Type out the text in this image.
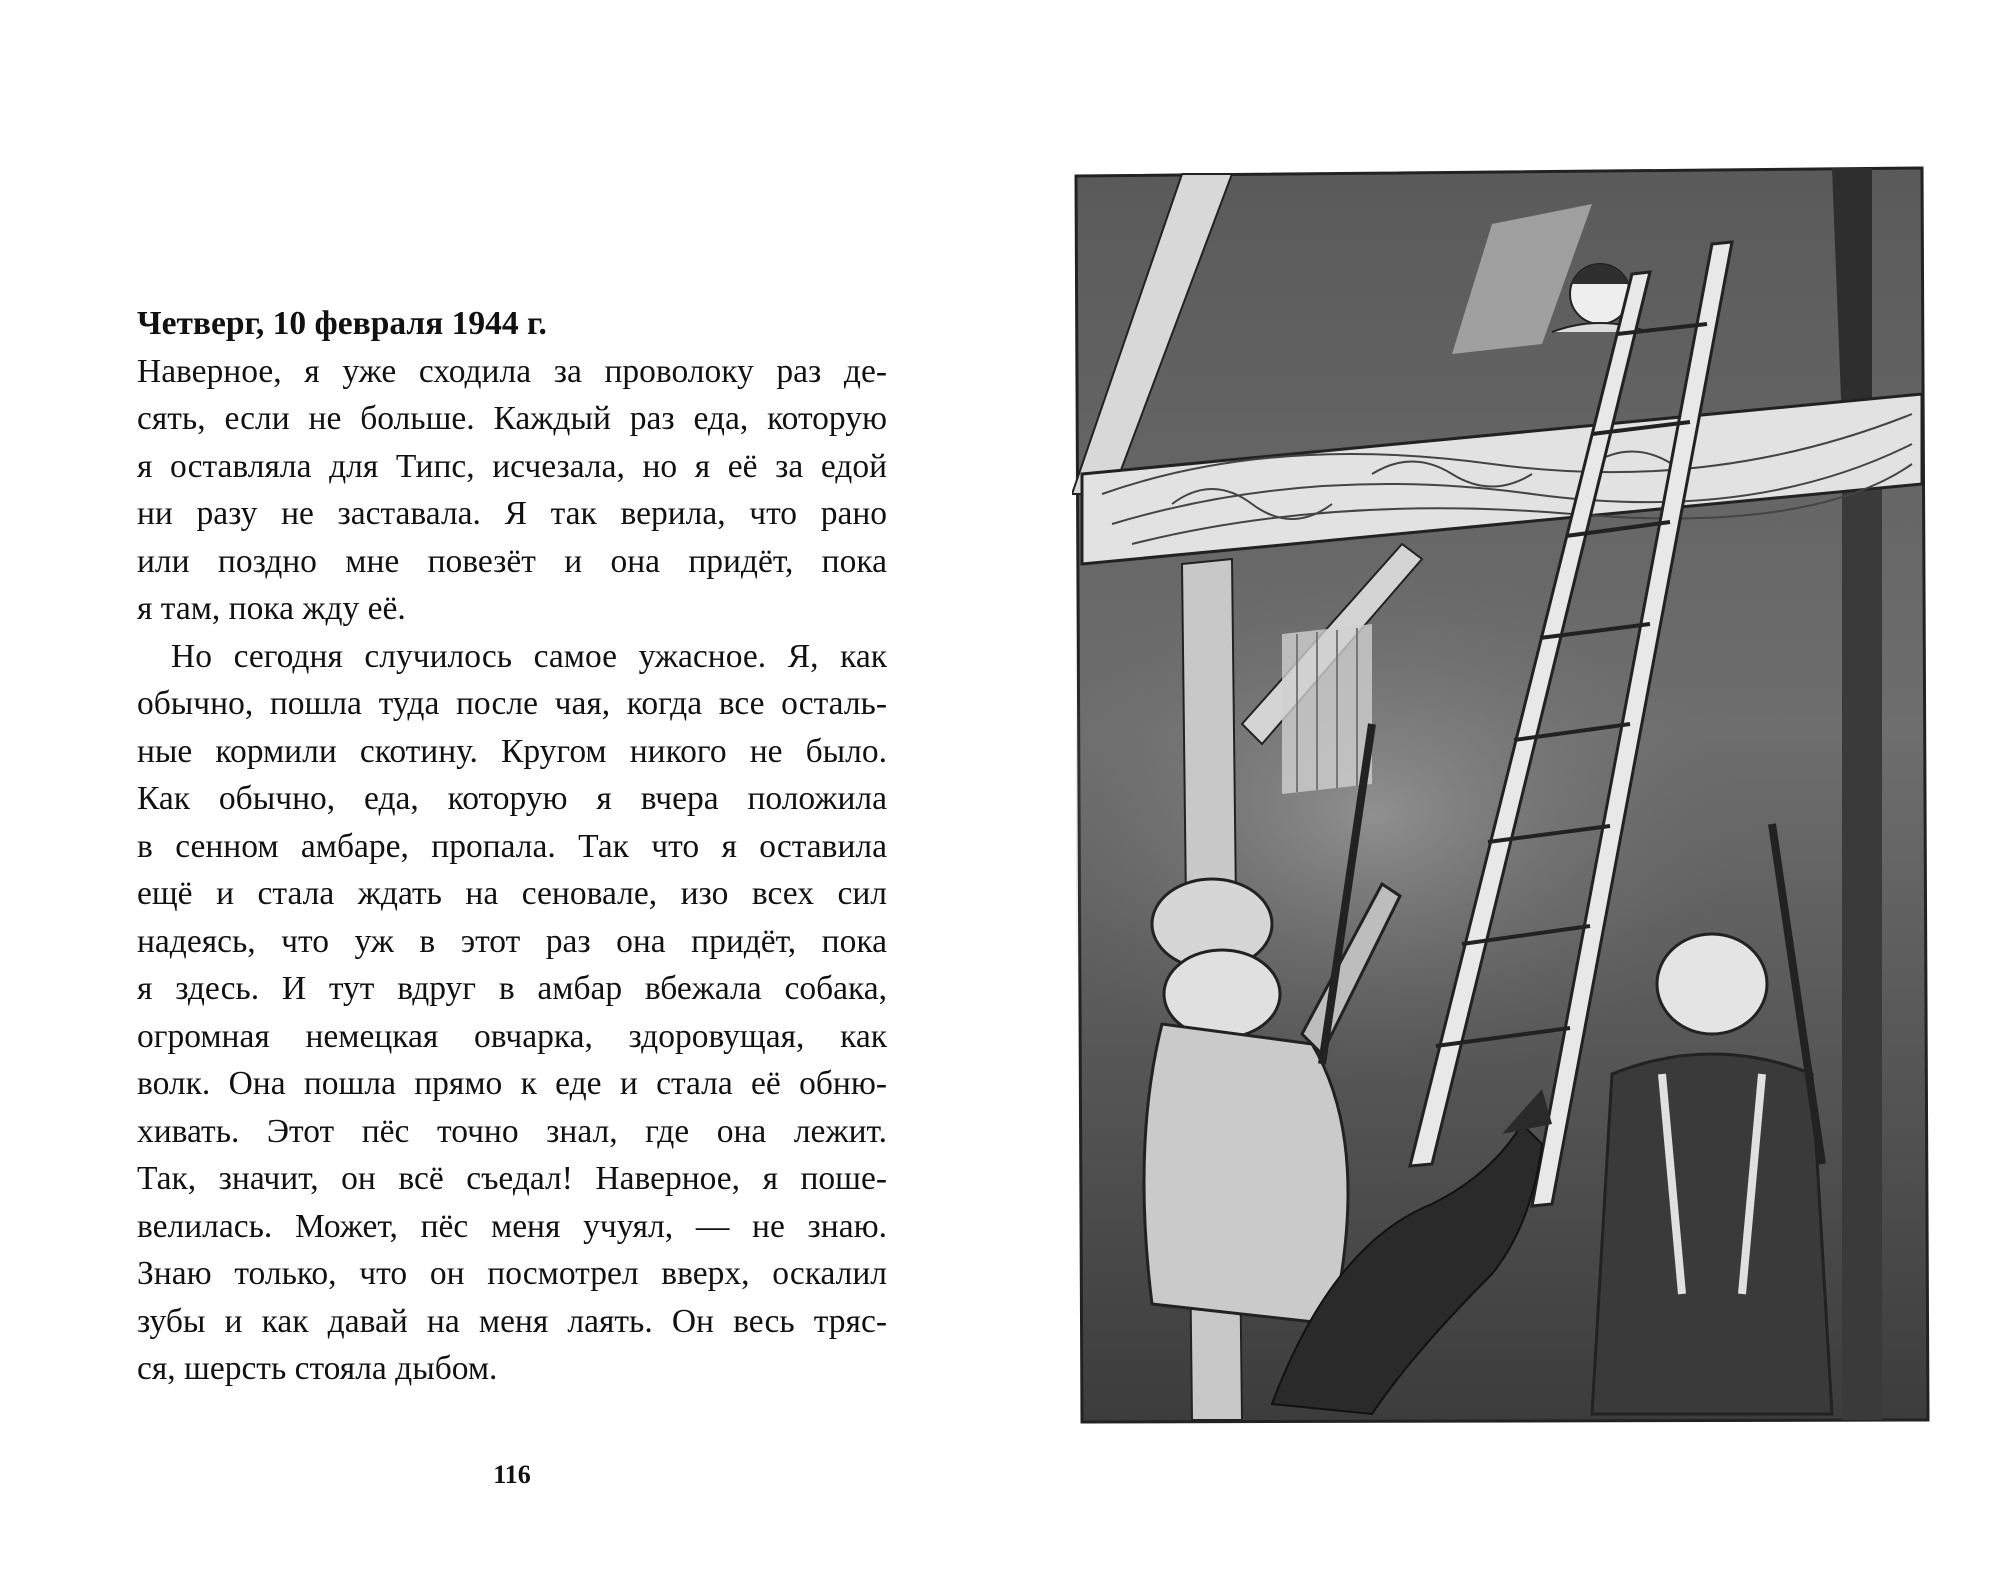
Четверг, 10 февраля 1944 г.

Наверное, я уже сходила за проволоку раз де-
сять, если не больше. Каждый раз еда, которую
я оставляла для Типс, исчезала, но я её за едой
ни разу не заставала. Я так верила, что рано
или поздно мне повезёт и она придёт, пока
я там, пока жду её.

Но сегодня случилось самое ужасное. Я, как
обычно, пошла туда после чая, когда все осталь-
ные кормили скотину. Кругом никого не было.
Как обычно, еда, которую я вчера положила
в сенном амбаре, пропала. Так что я оставила
ещё и стала ждать на сеновале, изо всех сил
надеясь, что уж в этот раз она придёт, пока
я здесь. И тут вдруг в амбар вбежала собака,
огромная немецкая овчарка, здоровущая, как
волк. Она пошла прямо к еде и стала её обню-
хивать. Этот пёс точно знал, где она лежит.
Так, значит, он всё съедал! Наверное, я поше-
велилась. Может, пёс меня учуял, — не знаю.
Знаю только, что он посмотрел вверх, оскалил
зубы и как давай на меня лаять. Он весь тряс-
ся, шерсть стояла дыбом.

116
